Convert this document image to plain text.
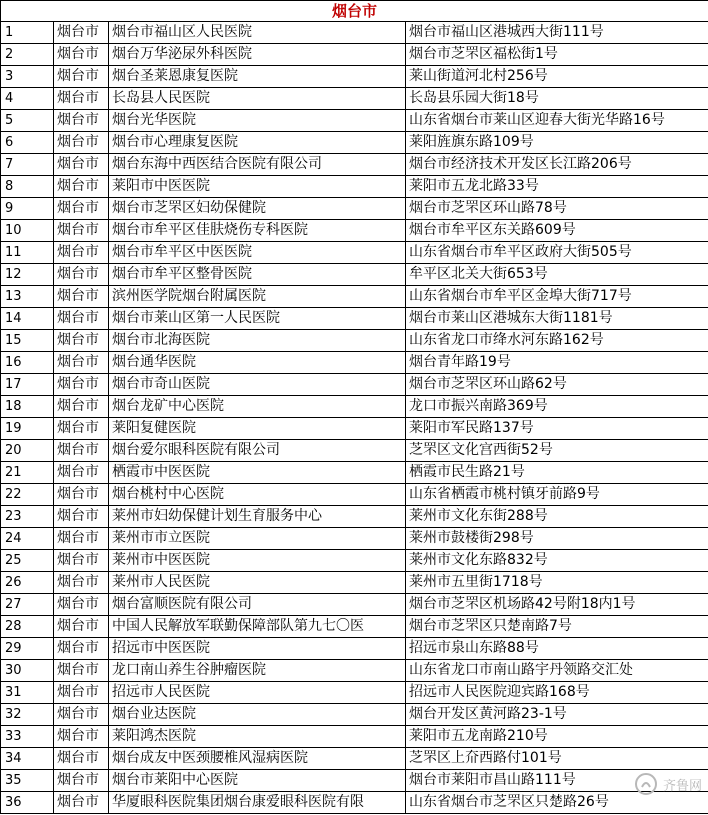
烟台市			
1	烟台市	烟台市福山区人民医院	烟台市福山区港城西大街111号
2	烟台市	烟台万华泌尿外科医院	烟台市芝罘区福松街1号
3	烟台市	烟台圣莱恩康复医院	莱山街道河北村256号
4	烟台市	长岛县人民医院	长岛县乐园大街18号
5	烟台市	烟台光华医院	山东省烟台市莱山区迎春大街光华路16号
6	烟台市	烟台市心理康复医院	莱阳旌旗东路109号
7	烟台市	烟台东海中西医结合医院有限公司	烟台市经济技术开发区长江路206号
8	烟台市	莱阳市中医医院	莱阳市五龙北路33号
9	烟台市	烟台市芝罘区妇幼保健院	烟台市芝罘区环山路78号
10	烟台市	烟台市牟平区佳肤烧伤专科医院	烟台市牟平区东关路609号
11	烟台市	烟台市牟平区中医医院	山东省烟台市牟平区政府大街505号
12	烟台市	烟台市牟平区整骨医院	牟平区北关大街653号
13	烟台市	滨州医学院烟台附属医院	山东省烟台市牟平区金埠大街717号
14	烟台市	烟台市莱山区第一人民医院	烟台市莱山区港城东大街1181号
15	烟台市	烟台市北海医院	山东省龙口市绛水河东路162号
16	烟台市	烟台通华医院	烟台青年路19号
17	烟台市	烟台市奇山医院	烟台市芝罘区环山路62号
18	烟台市	烟台龙矿中心医院	龙口市振兴南路369号
19	烟台市	莱阳复健医院	莱阳市军民路137号
20	烟台市	烟台爱尔眼科医院有限公司	芝罘区文化宫西街52号
21	烟台市	栖霞市中医医院	栖霞市民生路21号
22	烟台市	烟台桃村中心医院	山东省栖霞市桃村镇牙前路9号
23	烟台市	莱州市妇幼保健计划生育服务中心	莱州市文化东街288号
24	烟台市	莱州市市立医院	莱州市鼓楼街298号
25	烟台市	莱州市中医医院	莱州市文化东路832号
26	烟台市	莱州市人民医院	莱州市五里街1718号
27	烟台市	烟台富顺医院有限公司	烟台市芝罘区机场路42号附18内1号
28	烟台市	中国人民解放军联勤保障部队第九七〇医	烟台市芝罘区只楚南路7号
29	烟台市	招远市中医医院	招远市泉山东路88号
30	烟台市	龙口南山养生谷肿瘤医院	山东省龙口市南山路宇丹领路交汇处
31	烟台市	招远市人民医院	招远市人民医院迎宾路168号
32	烟台市	烟台业达医院	烟台开发区黄河路23-1号
33	烟台市	莱阳鸿杰医院	莱阳市五龙南路210号
34	烟台市	烟台成友中医颈腰椎风湿病医院	芝罘区上夼西路付101号
35	烟台市	烟台市莱阳中心医院	烟台市莱阳市昌山路111号
36	烟台市	华厦眼科医院集团烟台康爱眼科医院有限	山东省烟台市芝罘区只楚路26号
齐鲁网
